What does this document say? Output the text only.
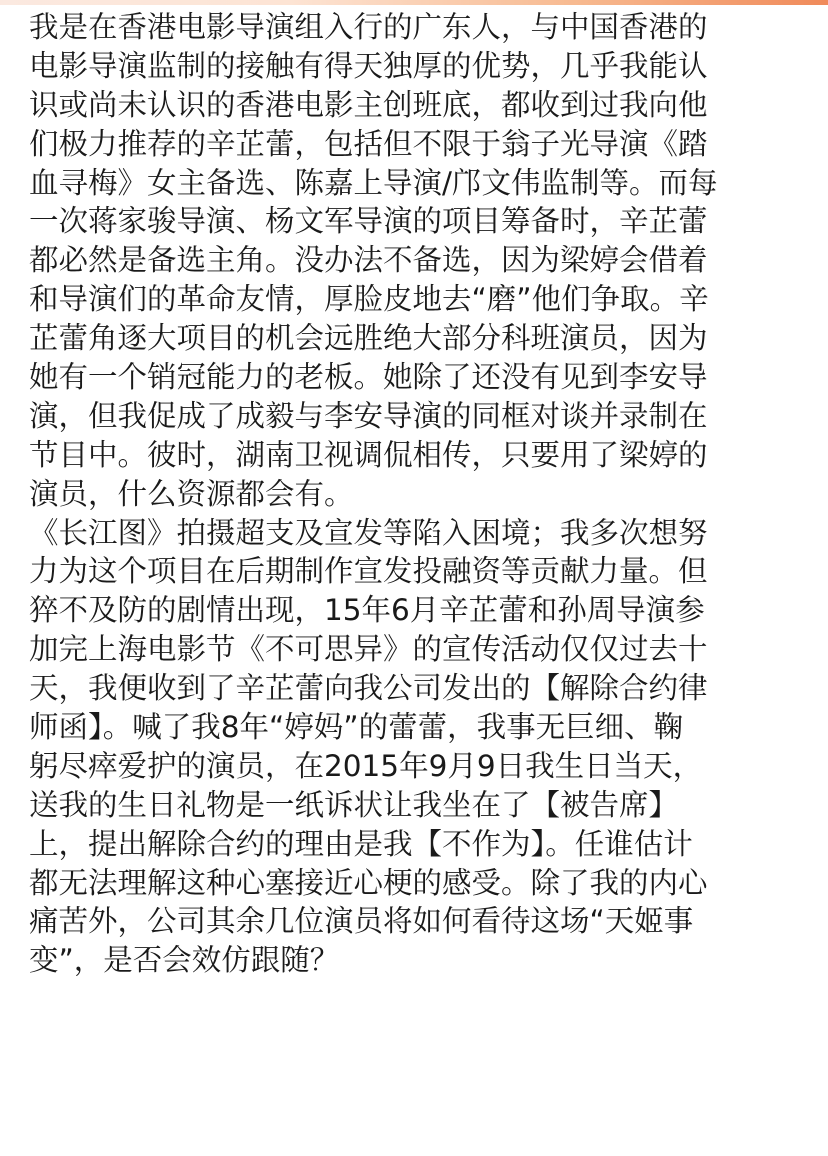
我是在香港电影导演组入行的广东人，与中国香港的
电影导演监制的接触有得天独厚的优势，几乎我能认
识或尚未认识的香港电影主创班底，都收到过我向他
们极力推荐的辛芷蕾，包括但不限于翁子光导演《踏
血寻梅》女主备选、陈嘉上导演/邝文伟监制等。而每
一次蒋家骏导演、杨文军导演的项目筹备时，辛芷蕾
都必然是备选主角。没办法不备选，因为梁婷会借着
和导演们的革命友情，厚脸皮地去“磨”他们争取。辛
芷蕾角逐大项目的机会远胜绝大部分科班演员，因为
她有一个销冠能力的老板。她除了还没有见到李安导
演，但我促成了成毅与李安导演的同框对谈并录制在
节目中。彼时，湖南卫视调侃相传，只要用了梁婷的
演员，什么资源都会有。
《长江图》拍摄超支及宣发等陷入困境；我多次想努
力为这个项目在后期制作宣发投融资等贡献力量。但
猝不及防的剧情出现，15年6月辛芷蕾和孙周导演参
加完上海电影节《不可思异》的宣传活动仅仅过去十
天，我便收到了辛芷蕾向我公司发出的【解除合约律
师函】。喊了我8年“婷妈”的蕾蕾，我事无巨细、鞠
躬尽瘁爱护的演员，在2015年9月9日我生日当天，
送我的生日礼物是一纸诉状让我坐在了【被告席】
上，提出解除合约的理由是我【不作为】。任谁估计
都无法理解这种心塞接近心梗的感受。除了我的内心
痛苦外，公司其余几位演员将如何看待这场“天姬事
变”，是否会效仿跟随？
